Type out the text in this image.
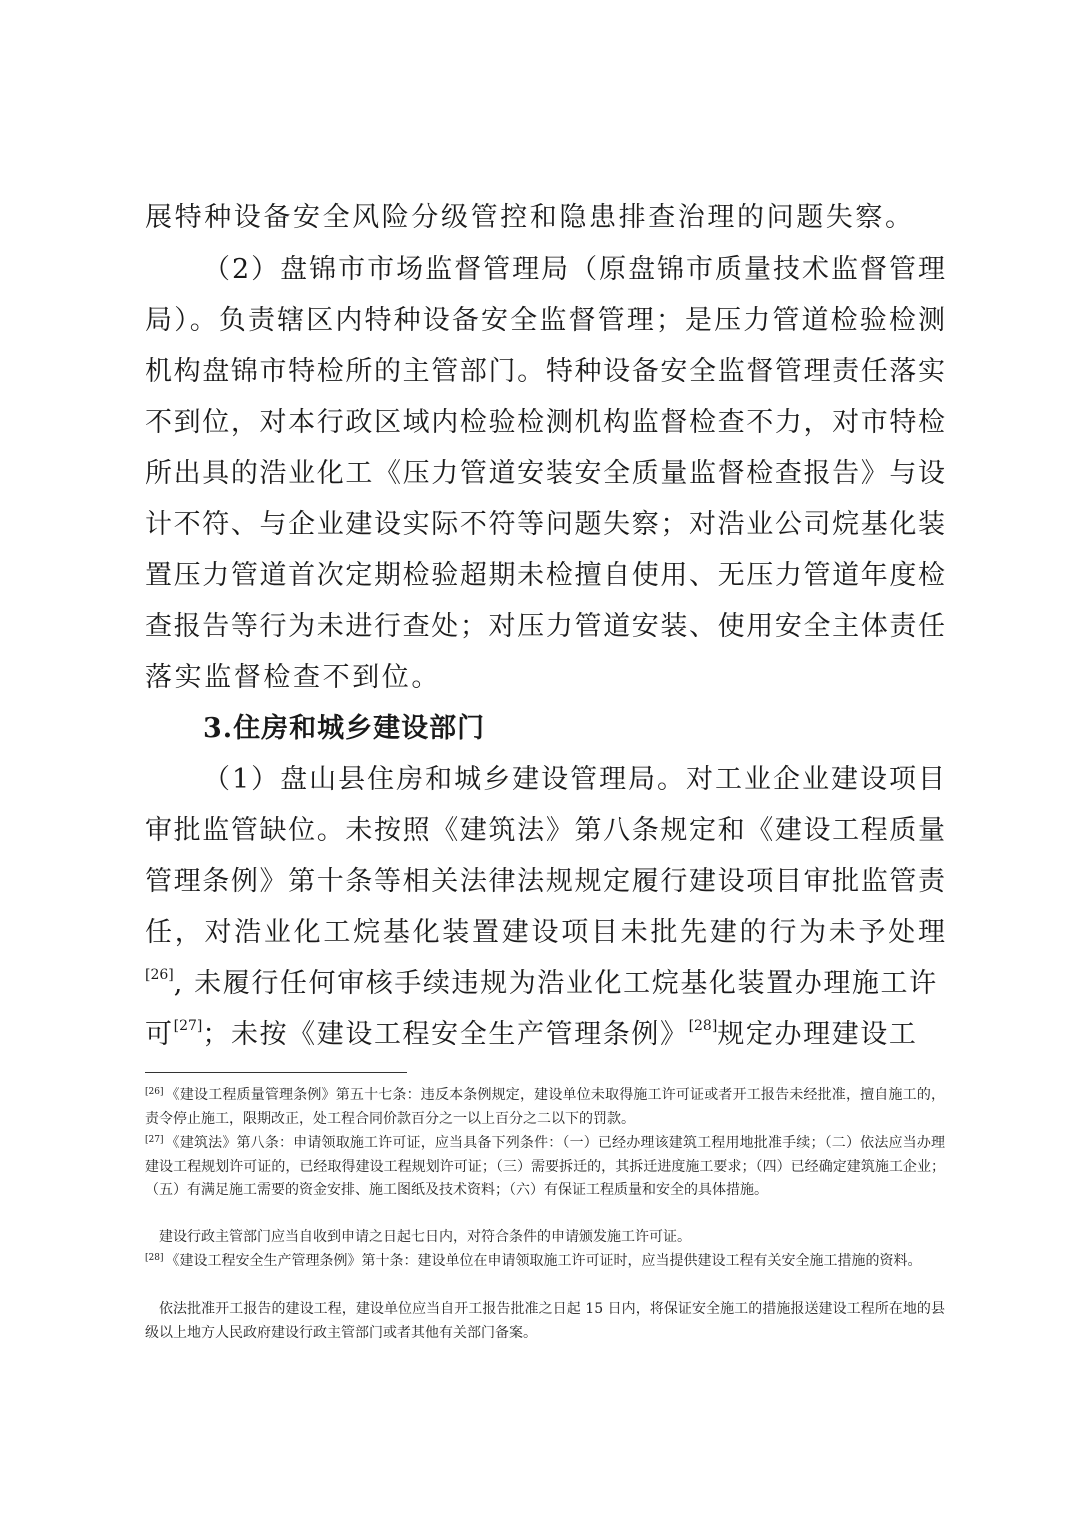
展特种设备安全风险分级管控和隐患排查治理的问题失察。
（2）盘锦市市场监督管理局（原盘锦市质量技术监督管理
局）。负责辖区内特种设备安全监督管理；是压力管道检验检测
机构盘锦市特检所的主管部门。特种设备安全监督管理责任落实
不到位，对本行政区域内检验检测机构监督检查不力，对市特检
所出具的浩业化工《压力管道安装安全质量监督检查报告》与设
计不符、与企业建设实际不符等问题失察；对浩业公司烷基化装
置压力管道首次定期检验超期未检擅自使用、无压力管道年度检
查报告等行为未进行查处；对压力管道安装、使用安全主体责任
落实监督检查不到位。
3.住房和城乡建设部门
（1）盘山县住房和城乡建设管理局。对工业企业建设项目
审批监管缺位。未按照《建筑法》第八条规定和《建设工程质量
管理条例》第十条等相关法律法规规定履行建设项目审批监管责
任，对浩业化工烷基化装置建设项目未批先建的行为未予处理
[26], 未履行任何审核手续违规为浩业化工烷基化装置办理施工许
可[27]；未按《建设工程安全生产管理条例》[28]规定办理建设工
[26] 《建设工程质量管理条例》第五十七条：违反本条例规定，建设单位未取得施工许可证或者开工报告未经批准，擅自施工的，责令停止施工，限期改正，处工程合同价款百分之一以上百分之二以下的罚款。
[27] 《建筑法》第八条：申请领取施工许可证，应当具备下列条件：（一）已经办理该建筑工程用地批准手续；（二）依法应当办理建设工程规划许可证的，已经取得建设工程规划许可证；（三）需要拆迁的，其拆迁进度施工要求；（四）已经确定建筑施工企业；（五）有满足施工需要的资金安排、施工图纸及技术资料；（六）有保证工程质量和安全的具体措施。
建设行政主管部门应当自收到申请之日起七日内，对符合条件的申请颁发施工许可证。
[28] 《建设工程安全生产管理条例》第十条：建设单位在申请领取施工许可证时，应当提供建设工程有关安全施工措施的资料。
依法批准开工报告的建设工程，建设单位应当自开工报告批准之日起 15 日内，将保证安全施工的措施报送建设工程所在地的县级以上地方人民政府建设行政主管部门或者其他有关部门备案。
